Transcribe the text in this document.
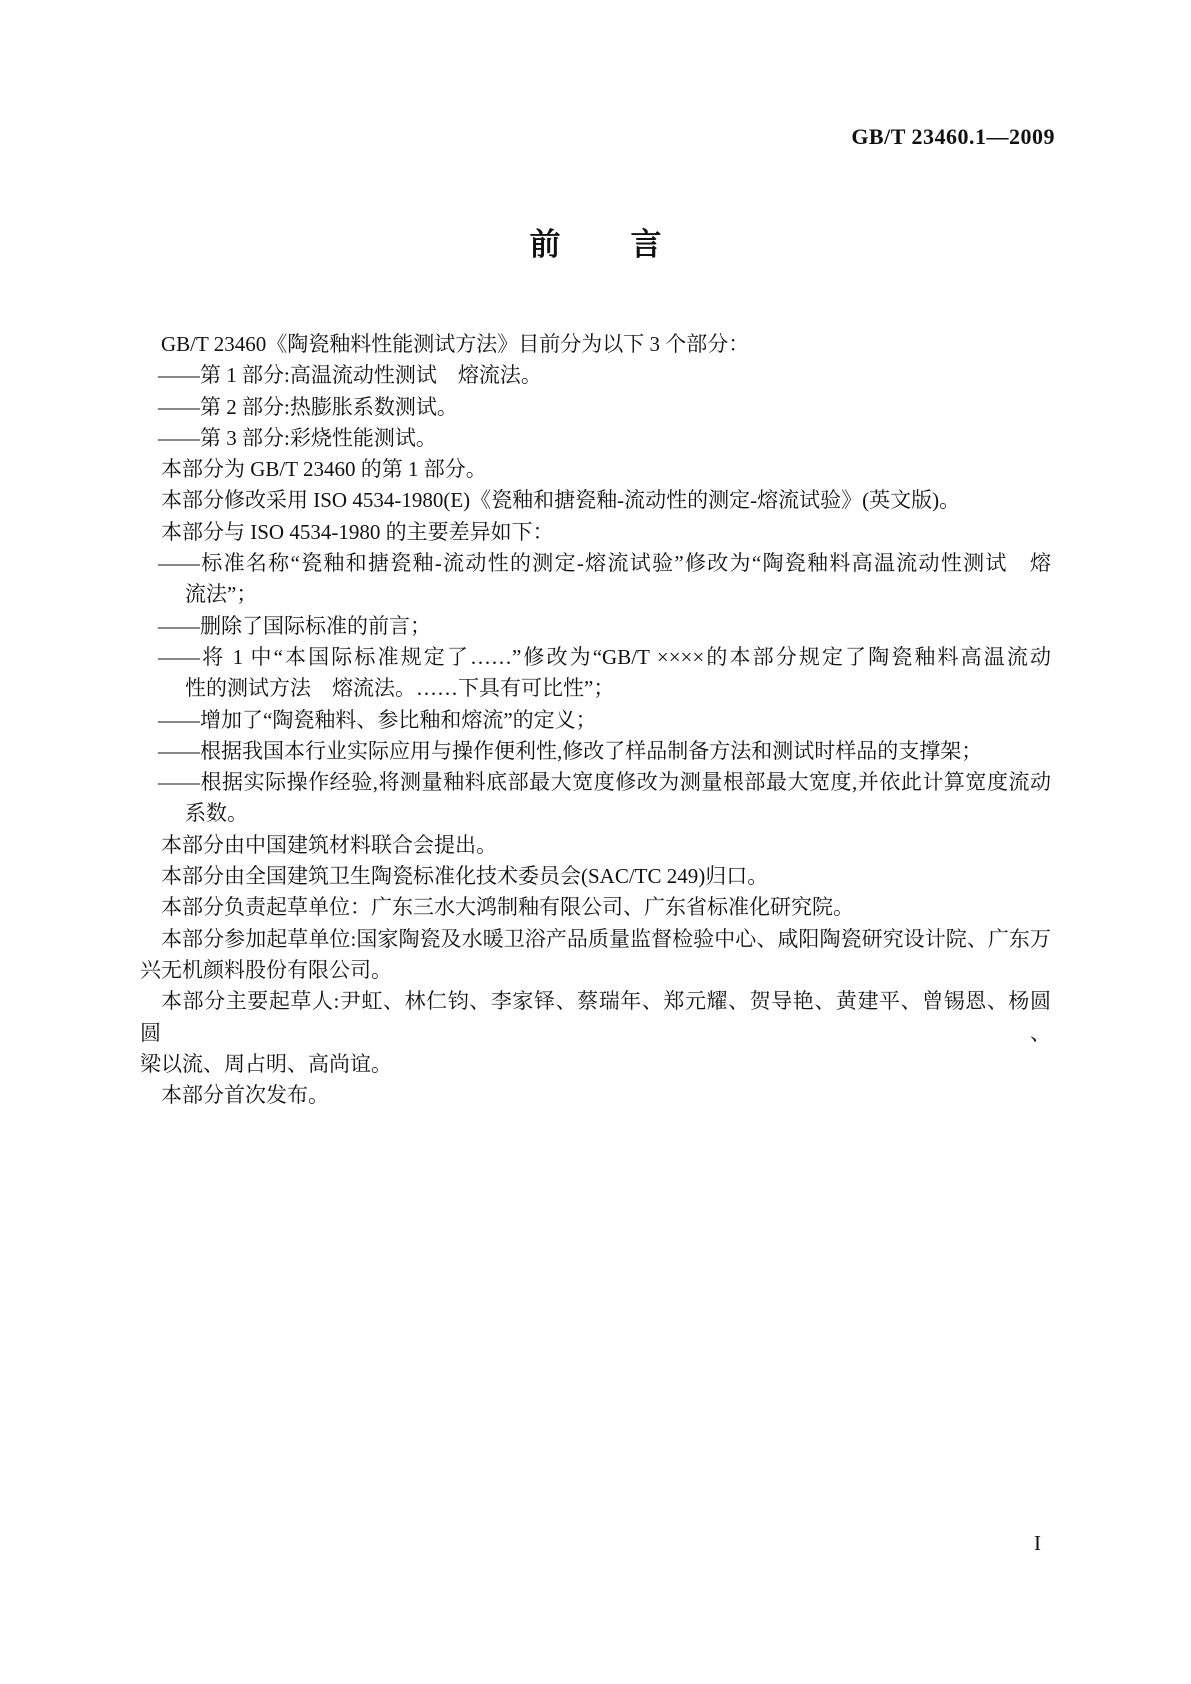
GB/T 23460.1—2009
前 言
GB/T 23460《陶瓷釉料性能测试方法》目前分为以下 3 个部分：
——第 1 部分:高温流动性测试　熔流法。
——第 2 部分:热膨胀系数测试。
——第 3 部分:彩烧性能测试。
本部分为 GB/T 23460 的第 1 部分。
本部分修改采用 ISO 4534-1980(E)《瓷釉和搪瓷釉-流动性的测定-熔流试验》(英文版)。
本部分与 ISO 4534-1980 的主要差异如下：
——标准名称“瓷釉和搪瓷釉-流动性的测定-熔流试验”修改为“陶瓷釉料高温流动性测试　熔
流法”；
——删除了国际标准的前言；
——将 1 中“本国际标准规定了……”修改为“GB/T ××××的本部分规定了陶瓷釉料高温流动
性的测试方法　熔流法。……下具有可比性”；
——增加了“陶瓷釉料、参比釉和熔流”的定义；
——根据我国本行业实际应用与操作便利性,修改了样品制备方法和测试时样品的支撑架；
——根据实际操作经验,将测量釉料底部最大宽度修改为测量根部最大宽度,并依此计算宽度流动
系数。
本部分由中国建筑材料联合会提出。
本部分由全国建筑卫生陶瓷标准化技术委员会(SAC/TC 249)归口。
本部分负责起草单位：广东三水大鸿制釉有限公司、广东省标准化研究院。
本部分参加起草单位:国家陶瓷及水暖卫浴产品质量监督检验中心、咸阳陶瓷研究设计院、广东万
兴无机颜料股份有限公司。
本部分主要起草人:尹虹、林仁钧、李家铎、蔡瑞年、郑元耀、贺导艳、黄建平、曾锡恩、杨圆圆、
梁以流、周占明、高尚谊。
本部分首次发布。
I
